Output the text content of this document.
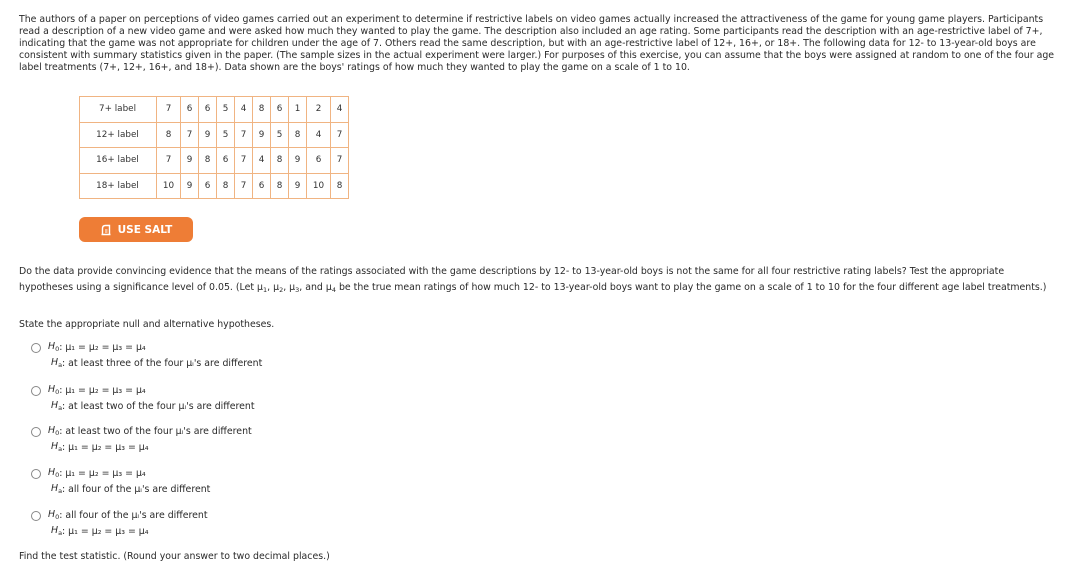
The authors of a paper on perceptions of video games carried out an experiment to determine if restrictive labels on video games actually increased the attractiveness of the game for young game players. Participants read a description of a new video game and were asked how much they wanted to play the game. The description also included an age rating. Some participants read the description with an age-restrictive label of 7+, indicating that the game was not appropriate for children under the age of 7. Others read the same description, but with an age-restrictive label of 12+, 16+, or 18+. The following data for 12- to 13-year-old boys are consistent with summary statistics given in the paper. (The sample sizes in the actual experiment were larger.) For purposes of this exercise, you can assume that the boys were assigned at random to one of the four age label treatments (7+, 12+, 16+, and 18+). Data shown are the boys' ratings of how much they wanted to play the game on a scale of 1 to 10.

7+ label	7	6	6	5	4	8	6	1	2	4
12+ label	8	7	9	5	7	9	5	8	4	7
16+ label	7	9	8	6	7	4	8	9	6	7
18+ label	10	9	6	8	7	6	8	9	10	8
USE SALT

Do the data provide convincing evidence that the means of the ratings associated with the game descriptions by 12- to 13-year-old boys is not the same for all four restrictive rating labels? Test the appropriate hypotheses using a significance level of 0.05. (Let $\mu_1$, $\mu_2$, $\mu_3$, and $\mu_4$ be the true mean ratings of how much 12- to 13-year-old boys want to play the game on a scale of 1 to 10 for the four different age label treatments.)

State the appropriate null and alternative hypotheses.

$H_0$ : μ₁ = μ₂ = μ₃ = μ₄
$H_a$ : at least three of the four μᵢ's are different
$H_0$ : μ₁ = μ₂ = μ₃ = μ₄
$H_a$ : at least two of the four μᵢ's are different
$H_0$ : at least two of the four μᵢ's are different
$H_a$ : μ₁ = μ₂ = μ₃ = μ₄
$H_0$ : μ₁ = μ₂ = μ₃ = μ₄
$H_a$ : all four of the μᵢ's are different
$H_0$ : all four of the μᵢ's are different
$H_a$ : μ₁ = μ₂ = μ₃ = μ₄

Find the test statistic. (Round your answer to two decimal places.)
